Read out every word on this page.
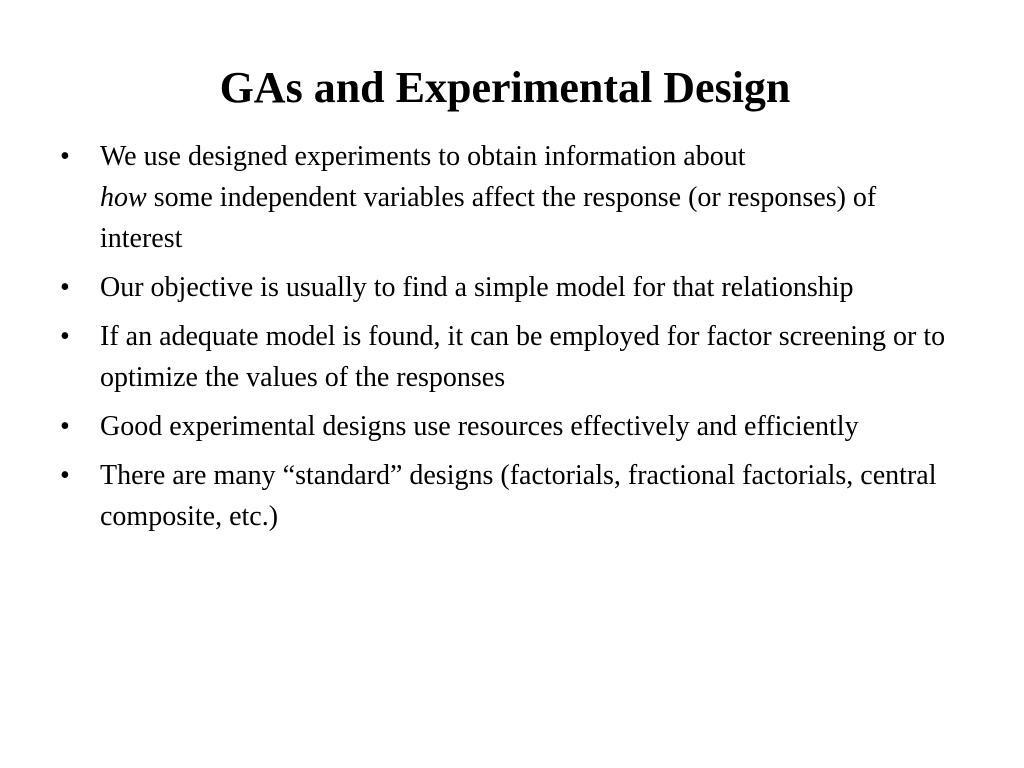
GAs and Experimental Design
•	We use designed experiments to obtain information about
how some independent variables affect the response (or responses) of interest
•	Our objective is usually to find a simple model for that relationship
•	If an adequate model is found, it can be employed for factor screening or to optimize the values of the responses
•	Good experimental designs use resources effectively and efficiently
•	There are many “standard” designs (factorials, fractional factorials, central composite, etc.)
